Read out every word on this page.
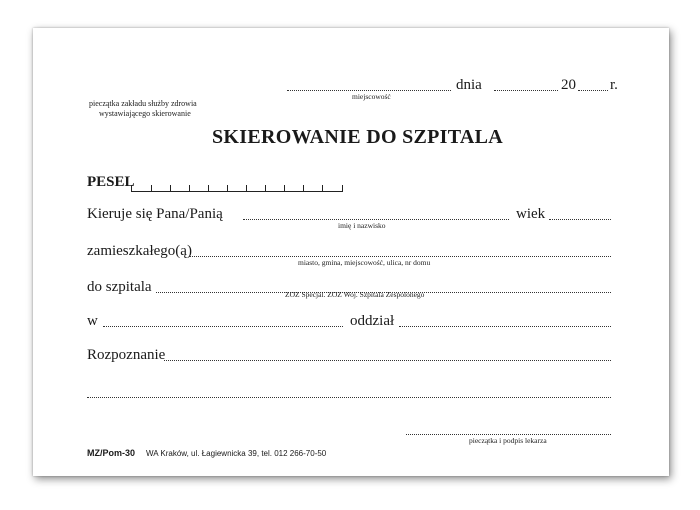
dnia	20 r.
miejscowość
pieczątka zakładu służby zdrowia
wystawiającego skierowanie
SKIEROWANIE DO SZPITALA
PESEL
Kieruje się Pana/Panią	wiek
imię i nazwisko
zamieszkałego(ą)
miasto, gmina, miejscowość, ulica, nr domu
do szpitala	ZOZ Specjal. ZOZ Woj. Szpitala Zespolonego
w	oddział
Rozpoznanie
pieczątka i podpis lekarza
MZ/Pom-30 WA Kraków, ul. Łagiewnicka 39, tel. 012 266-70-50
